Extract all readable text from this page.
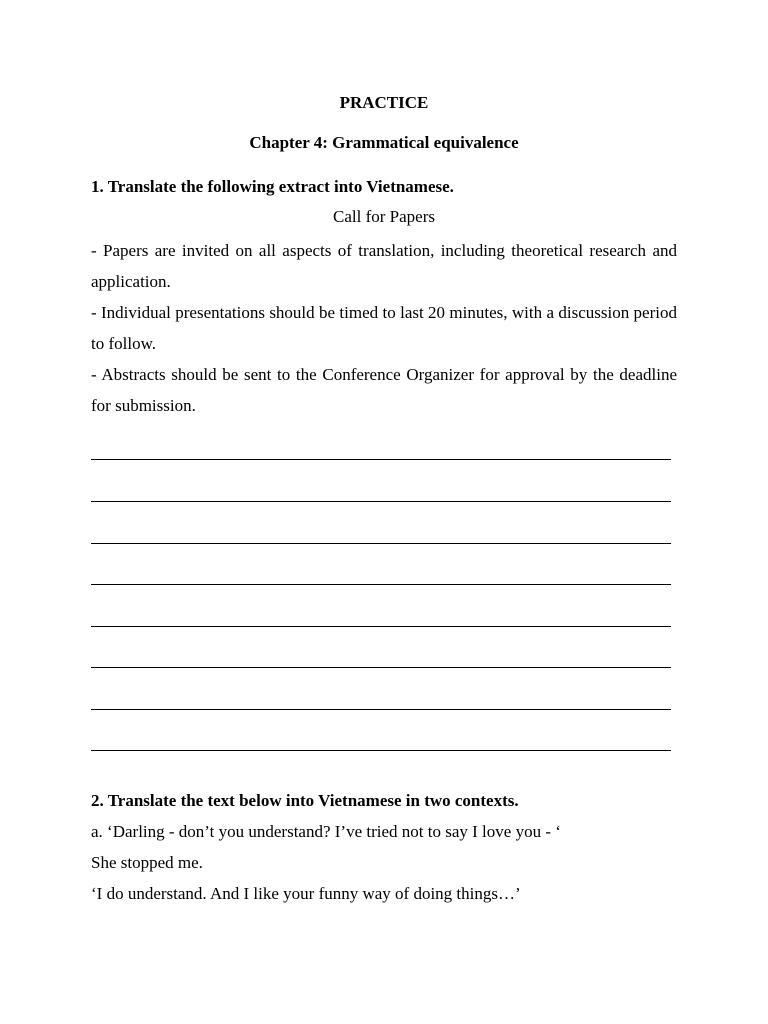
PRACTICE
Chapter 4: Grammatical equivalence
1. Translate the following extract into Vietnamese.
Call for Papers
- Papers are invited on all aspects of translation, including theoretical research and application.
- Individual presentations should be timed to last 20 minutes, with a discussion period to follow.
- Abstracts should be sent to the Conference Organizer for approval by the deadline for submission.
2. Translate the text below into Vietnamese in two contexts.
a. ‘Darling - don’t you understand? I’ve tried not to say I love you - ‘
She stopped me.
‘I do understand. And I like your funny way of doing things…’
